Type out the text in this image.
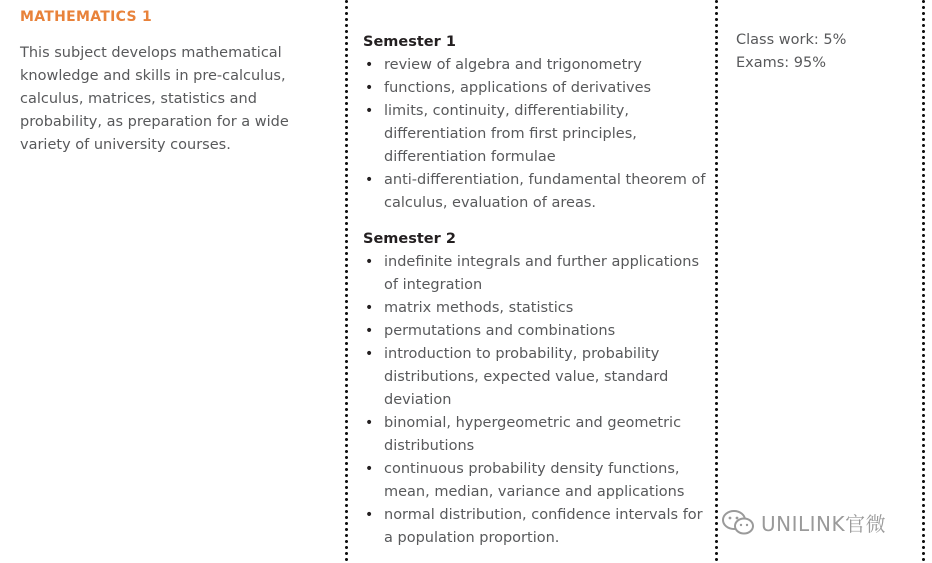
MATHEMATICS 1
This subject develops mathematical knowledge and skills in pre-calculus, calculus, matrices, statistics and probability, as preparation for a wide variety of university courses.
Semester 1
• review of algebra and trigonometry
• functions, applications of derivatives
• limits, continuity, differentiability, differentiation from first principles, differentiation formulae
• anti-differentiation, fundamental theorem of calculus, evaluation of areas.
Semester 2
• indefinite integrals and further applications of integration
• matrix methods, statistics
• permutations and combinations
• introduction to probability, probability distributions, expected value, standard deviation
• binomial, hypergeometric and geometric distributions
• continuous probability density functions, mean, median, variance and applications
• normal distribution, confidence intervals for a population proportion.
Class work: 5%
Exams: 95%
UNILINK官微
